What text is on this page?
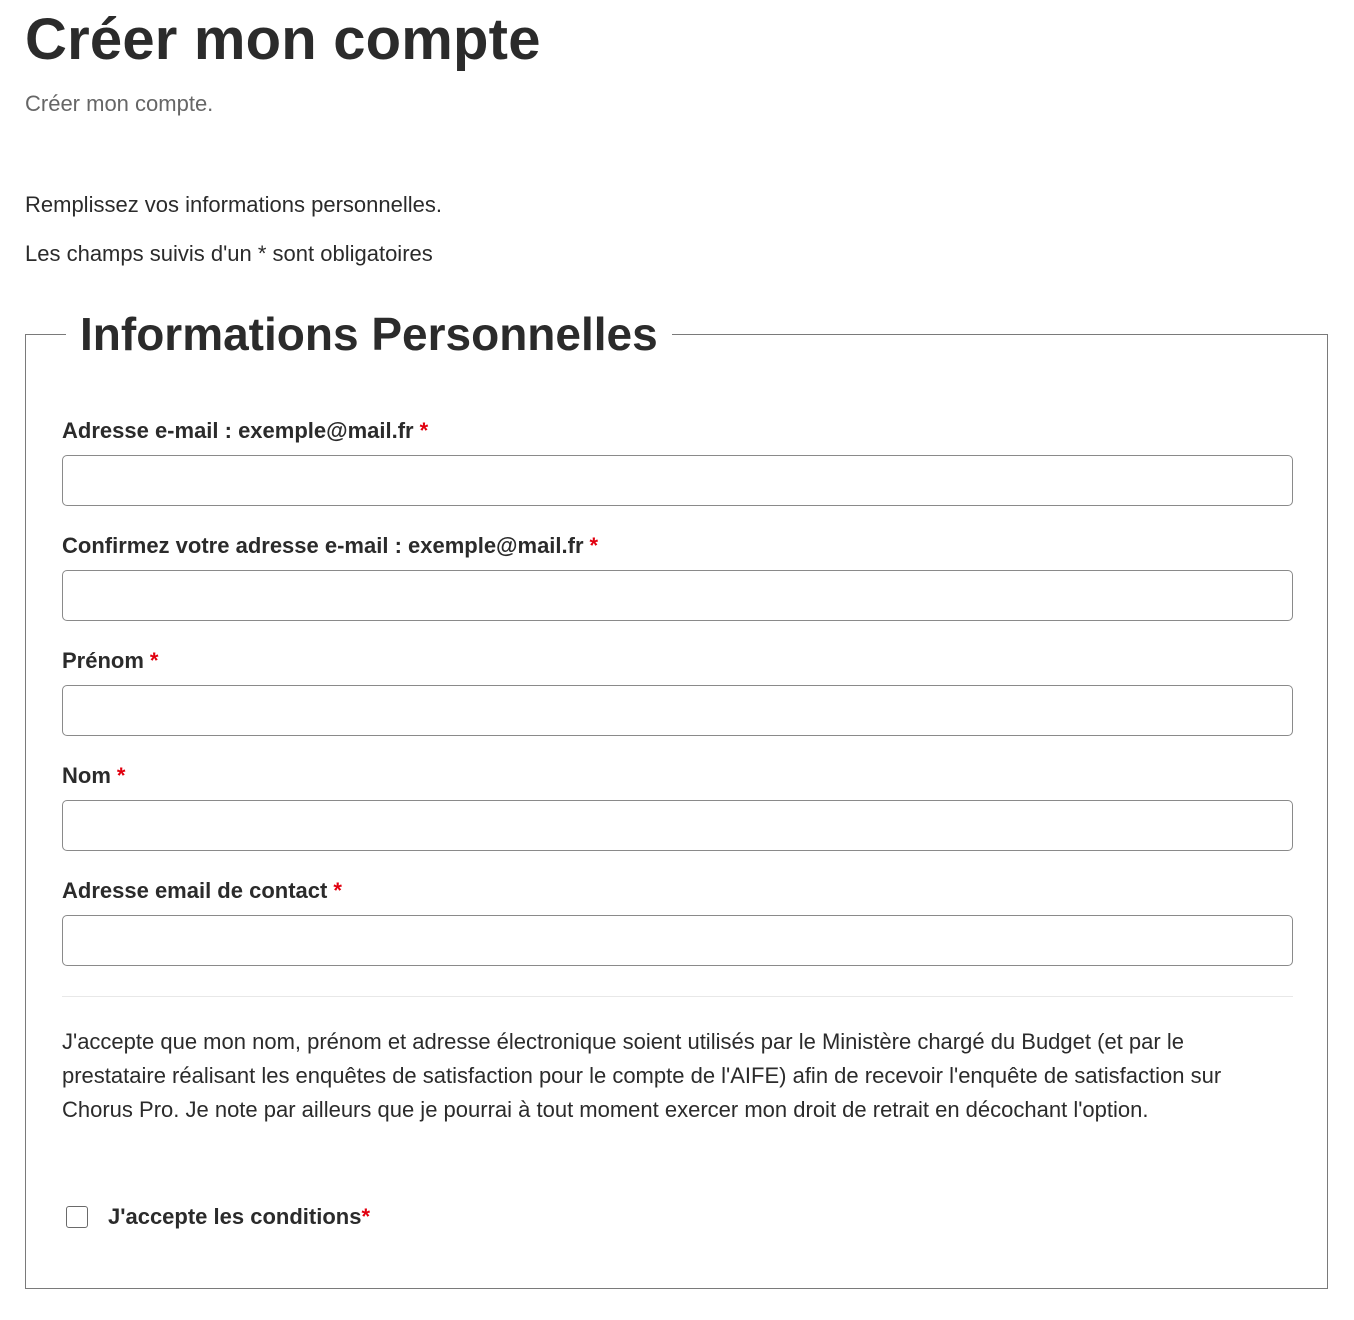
Créer mon compte
Créer mon compte.

Remplissez vos informations personnelles.

Les champs suivis d'un * sont obligatoires

Informations Personnelles
Adresse e-mail : exemple@mail.fr *
Confirmez votre adresse e-mail : exemple@mail.fr *
Prénom *
Nom *
Adresse email de contact *

J'accepte que mon nom, prénom et adresse électronique soient utilisés par le Ministère chargé du Budget (et par le prestataire réalisant les enquêtes de satisfaction pour le compte de l'AIFE) afin de recevoir l'enquête de satisfaction sur Chorus Pro. Je note par ailleurs que je pourrai à tout moment exercer mon droit de retrait en décochant l'option.

J'accepte les conditions*
